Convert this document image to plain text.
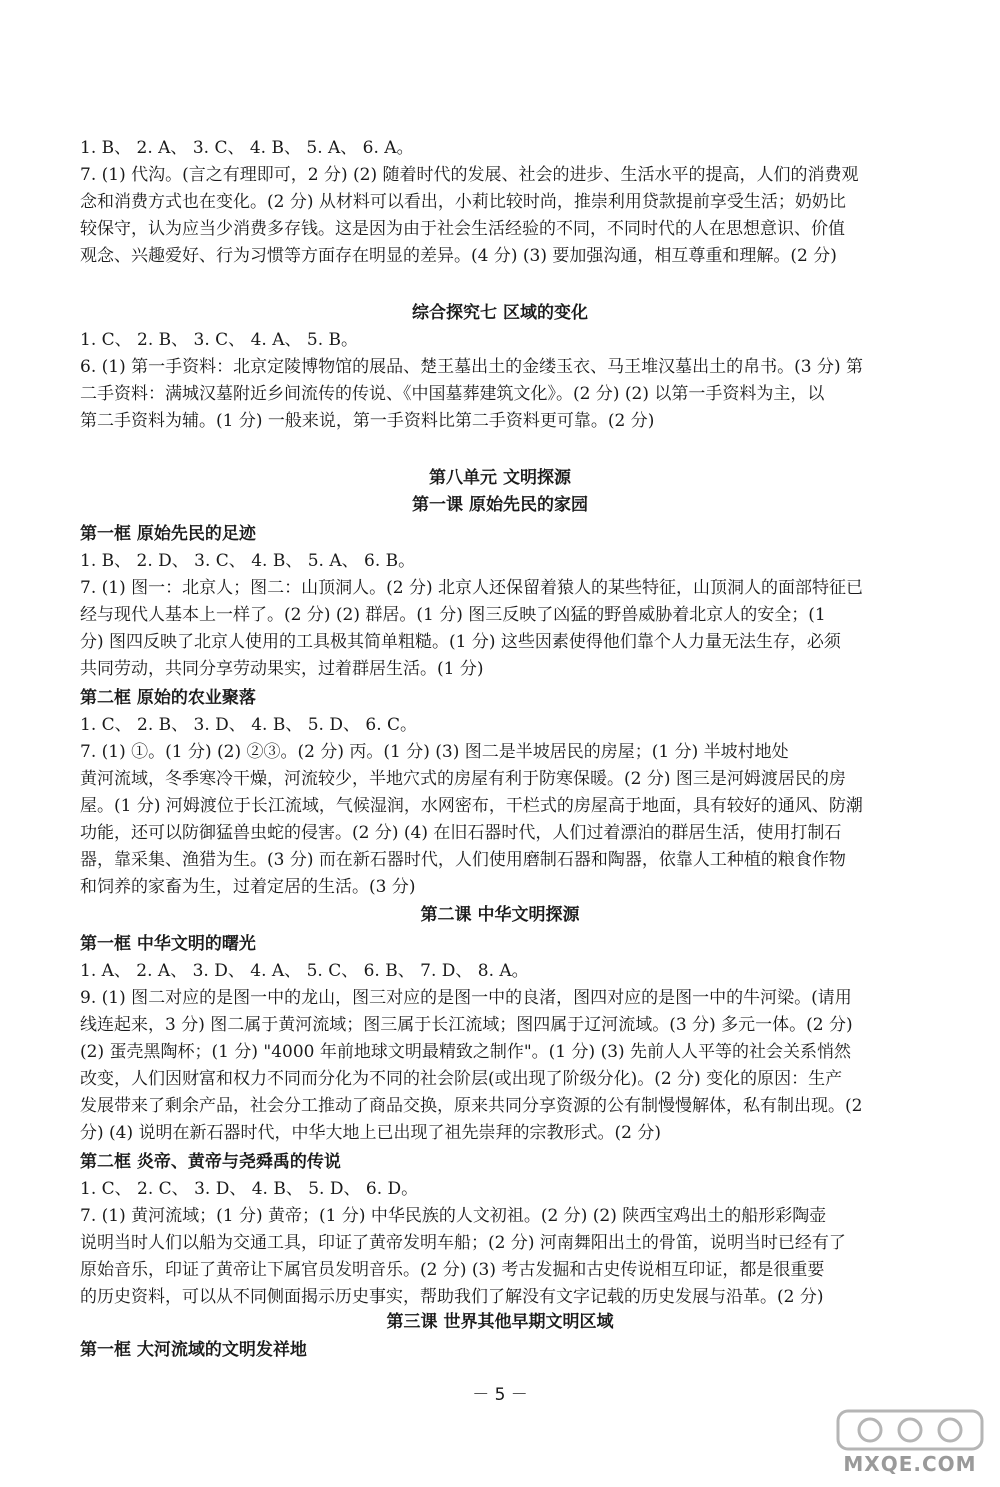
1. B、 2. A、 3. C、 4. B、 5. A、 6. A。
7. (1) 代沟。(言之有理即可，2 分) (2) 随着时代的发展、社会的进步、生活水平的提高，人们的消费观
念和消费方式也在变化。(2 分) 从材料可以看出，小莉比较时尚，推崇利用贷款提前享受生活；奶奶比
较保守，认为应当少消费多存钱。这是因为由于社会生活经验的不同，不同时代的人在思想意识、价值
观念、兴趣爱好、行为习惯等方面存在明显的差异。(4 分) (3) 要加强沟通，相互尊重和理解。(2 分)
综合探究七 区域的变化
1. C、 2. B、 3. C、 4. A、 5. B。
6. (1) 第一手资料：北京定陵博物馆的展品、楚王墓出土的金缕玉衣、马王堆汉墓出土的帛书。(3 分) 第
二手资料：满城汉墓附近乡间流传的传说、《中国墓葬建筑文化》。(2 分) (2) 以第一手资料为主，以
第二手资料为辅。(1 分) 一般来说，第一手资料比第二手资料更可靠。(2 分)
第八单元 文明探源
第一课 原始先民的家园
第一框 原始先民的足迹
1. B、 2. D、 3. C、 4. B、 5. A、 6. B。
7. (1) 图一：北京人；图二：山顶洞人。(2 分) 北京人还保留着猿人的某些特征，山顶洞人的面部特征已
经与现代人基本上一样了。(2 分) (2) 群居。(1 分) 图三反映了凶猛的野兽威胁着北京人的安全；(1
分) 图四反映了北京人使用的工具极其简单粗糙。(1 分) 这些因素使得他们靠个人力量无法生存，必须
共同劳动，共同分享劳动果实，过着群居生活。(1 分)
第二框 原始的农业聚落
1. C、 2. B、 3. D、 4. B、 5. D、 6. C。
7. (1) ①。(1 分) (2) ②③。(2 分) 丙。(1 分) (3) 图二是半坡居民的房屋；(1 分) 半坡村地处
黄河流域，冬季寒冷干燥，河流较少，半地穴式的房屋有利于防寒保暖。(2 分) 图三是河姆渡居民的房
屋。(1 分) 河姆渡位于长江流域，气候湿润，水网密布，干栏式的房屋高于地面，具有较好的通风、防潮
功能，还可以防御猛兽虫蛇的侵害。(2 分) (4) 在旧石器时代，人们过着漂泊的群居生活，使用打制石
器，靠采集、渔猎为生。(3 分) 而在新石器时代，人们使用磨制石器和陶器，依靠人工种植的粮食作物
和饲养的家畜为生，过着定居的生活。(3 分)
第二课 中华文明探源
第一框 中华文明的曙光
1. A、 2. A、 3. D、 4. A、 5. C、 6. B、 7. D、 8. A。
9. (1) 图二对应的是图一中的龙山，图三对应的是图一中的良渚，图四对应的是图一中的牛河梁。(请用
线连起来，3 分) 图二属于黄河流域；图三属于长江流域；图四属于辽河流域。(3 分) 多元一体。(2 分)
(2) 蛋壳黑陶杯；(1 分) "4000 年前地球文明最精致之制作"。(1 分) (3) 先前人人平等的社会关系悄然
改变，人们因财富和权力不同而分化为不同的社会阶层(或出现了阶级分化)。(2 分) 变化的原因：生产
发展带来了剩余产品，社会分工推动了商品交换，原来共同分享资源的公有制慢慢解体，私有制出现。(2
分) (4) 说明在新石器时代，中华大地上已出现了祖先崇拜的宗教形式。(2 分)
第二框 炎帝、黄帝与尧舜禹的传说
1. C、 2. C、 3. D、 4. B、 5. D、 6. D。
7. (1) 黄河流域；(1 分) 黄帝；(1 分) 中华民族的人文初祖。(2 分) (2) 陕西宝鸡出土的船形彩陶壶
说明当时人们以船为交通工具，印证了黄帝发明车船；(2 分) 河南舞阳出土的骨笛，说明当时已经有了
原始音乐，印证了黄帝让下属官员发明音乐。(2 分) (3) 考古发掘和古史传说相互印证，都是很重要
的历史资料，可以从不同侧面揭示历史事实，帮助我们了解没有文字记载的历史发展与沿革。(2 分)
第三课 世界其他早期文明区域
第一框 大河流域的文明发祥地
－ 5 －
MXQE.COM
